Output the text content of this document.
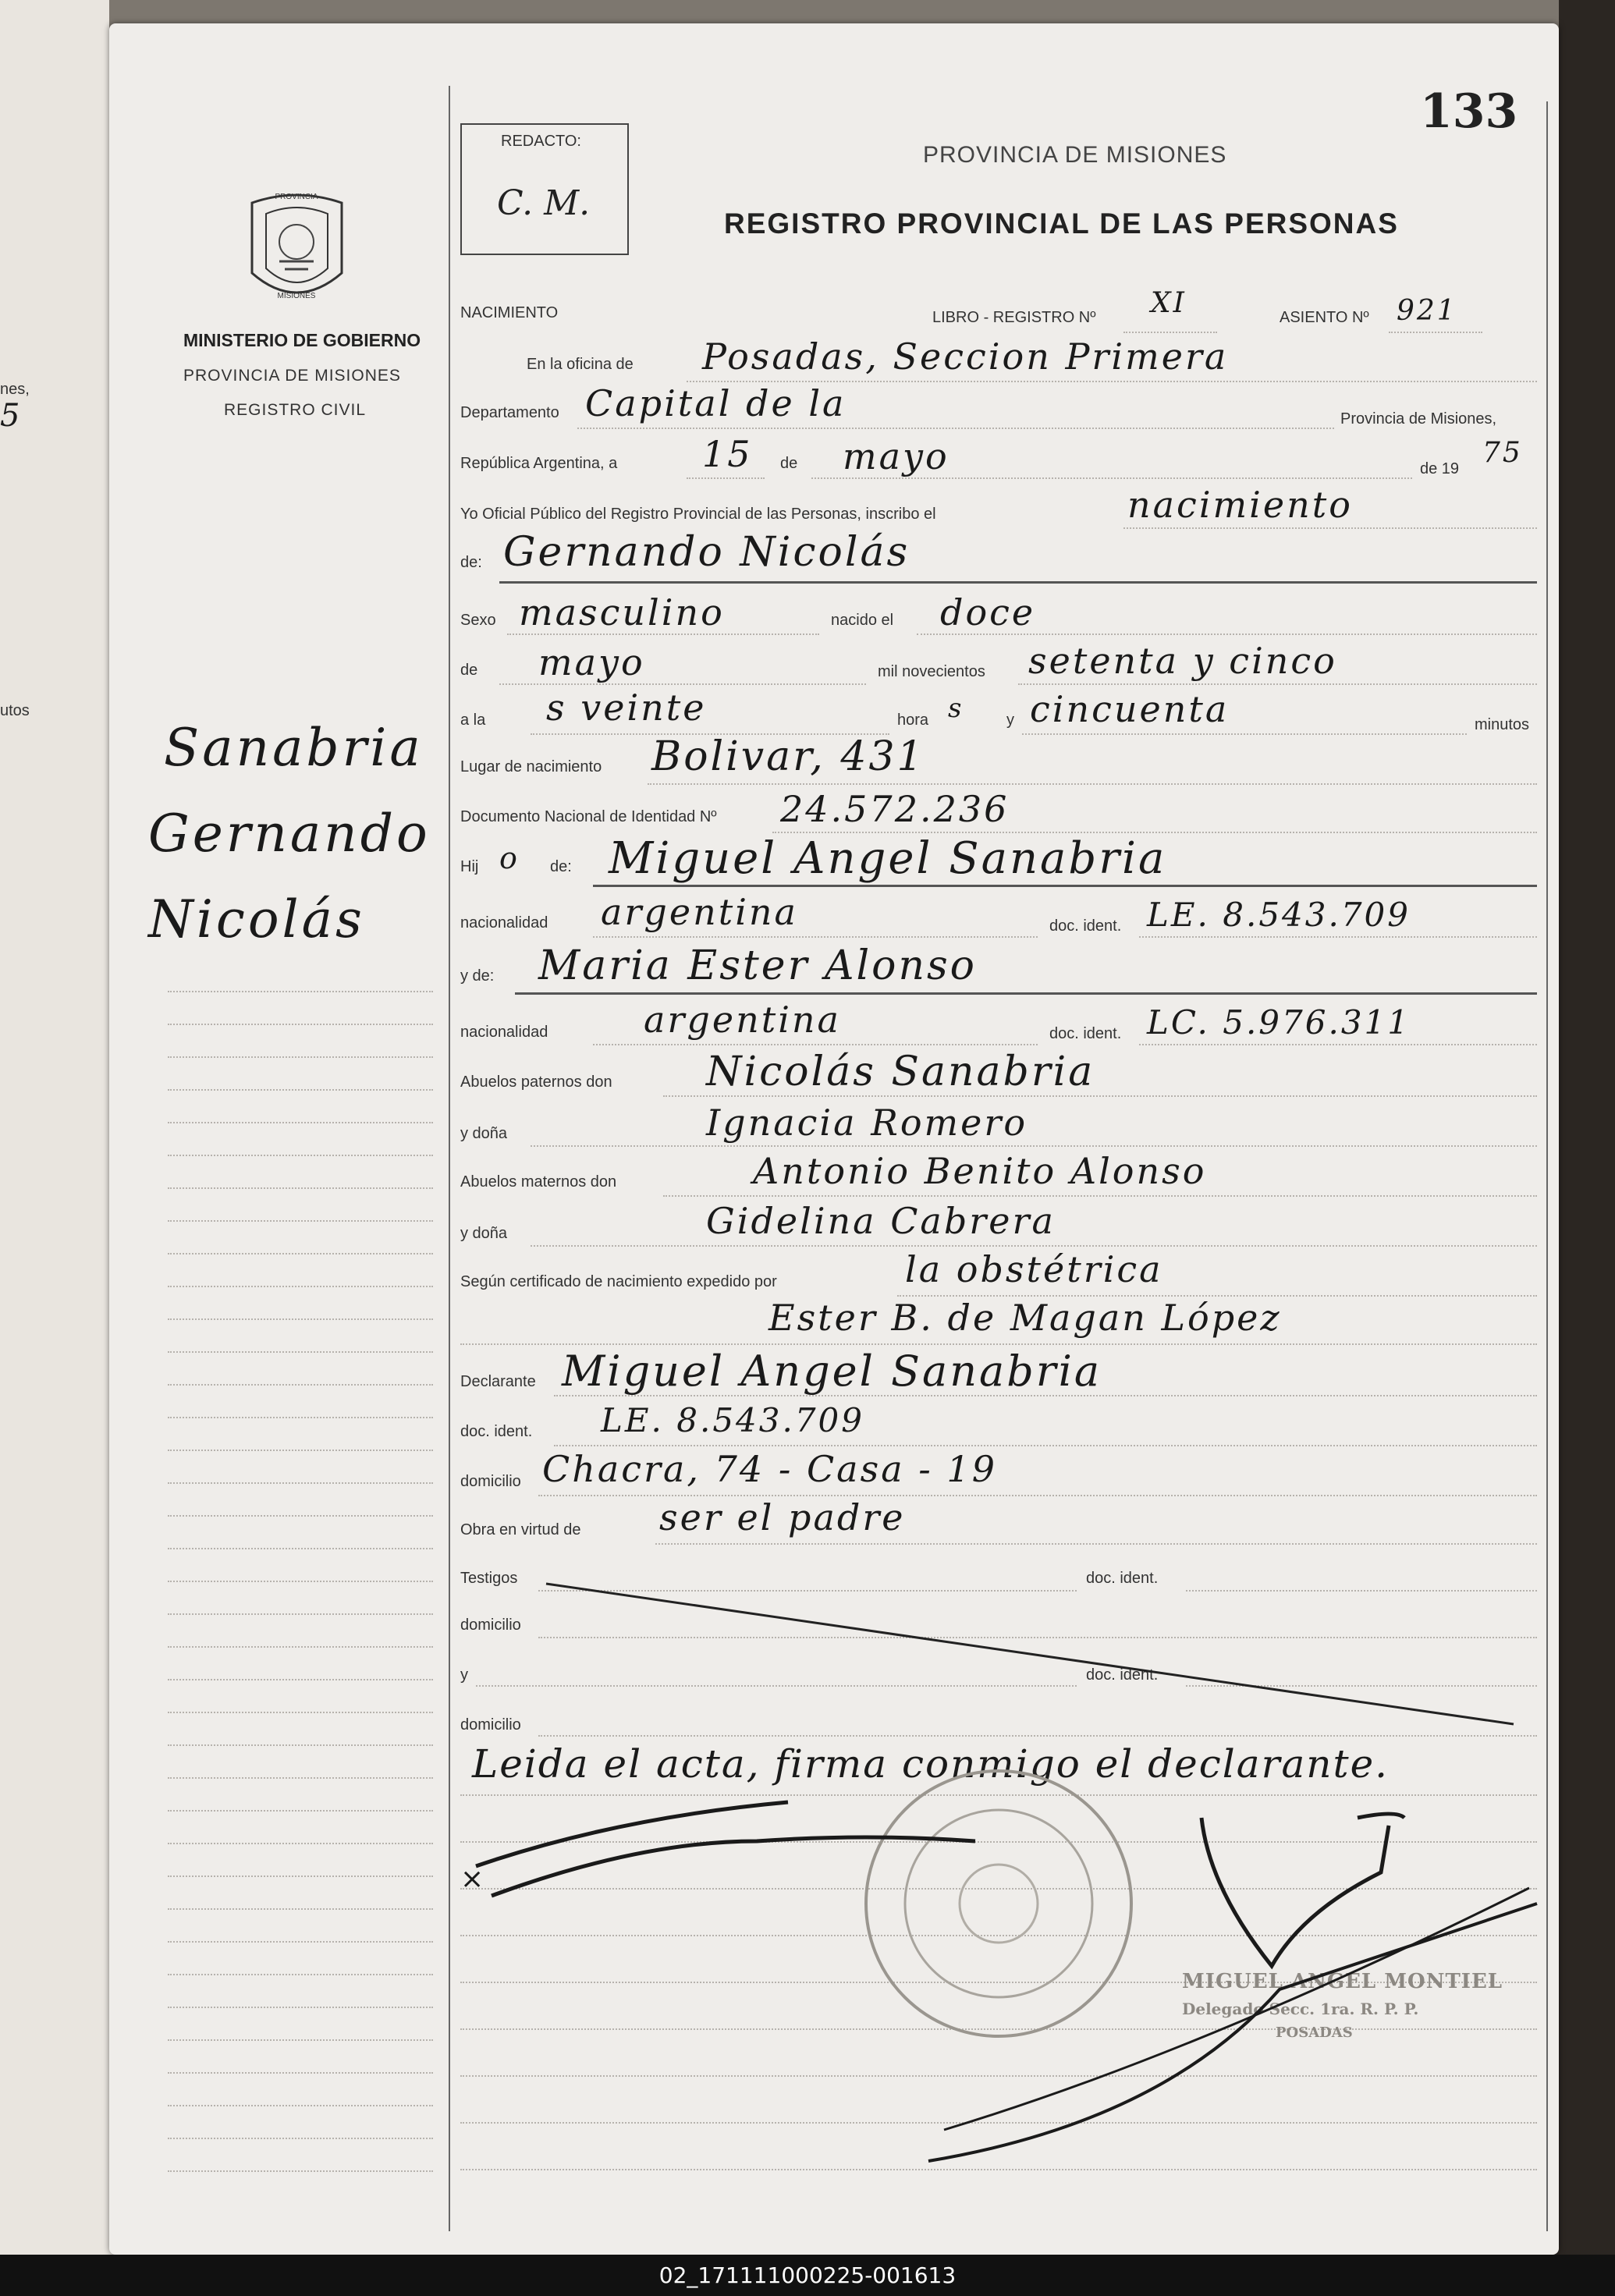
nes,
5
utos
133
REDACTO:
C. M.
PROVINCIA DE MISIONES
REGISTRO PROVINCIAL DE LAS PERSONAS
PROVINCIA
MISIONES
MINISTERIO DE GOBIERNO
PROVINCIA DE MISIONES
REGISTRO CIVIL
Sanabria
Gernando
Nicolás
NACIMIENTO	LIBRO - REGISTRO Nº XI	ASIENTO Nº 921
En la oficina de Posadas, Seccion Primera
Departamento Capital de la	Provincia de Misiones,
República Argentina, a 15 de mayo	de 19 75
Yo Oficial Público del Registro Provincial de las Personas, inscribo el	nacimiento
de: Gernando Nicolás
Sexo masculino	nacido el doce
de mayo	mil novecientos setenta y cinco
a la s veinte	hora s	y cincuenta	minutos
Lugar de nacimiento Bolivar, 431
Documento Nacional de Identidad Nº 24.572.236
Hij o de: Miguel Angel Sanabria
nacionalidad argentina	doc. ident. LE. 8.543.709
y de: Maria Ester Alonso
nacionalidad	argentina	doc. ident. LC. 5.976.311
Abuelos paternos don Nicolás Sanabria
y doña	Ignacia Romero
Abuelos maternos don	Antonio Benito Alonso
y doña	Gidelina Cabrera
Según certificado de nacimiento expedido por	la obstétrica
Ester B. de Magan López
Declarante Miguel Angel Sanabria
doc. ident. LE. 8.543.709
domicilio Chacra, 74 - Casa - 19
Obra en virtud de ser el padre
Testigos	doc. ident.
domicilio
y	doc. ident.
domicilio
Leida el acta, firma conmigo el declarante.
MIGUEL ANGEL MONTIEL
Delegado Secc. 1ra. R. P. P.
POSADAS
×
02_171111000225-001613
